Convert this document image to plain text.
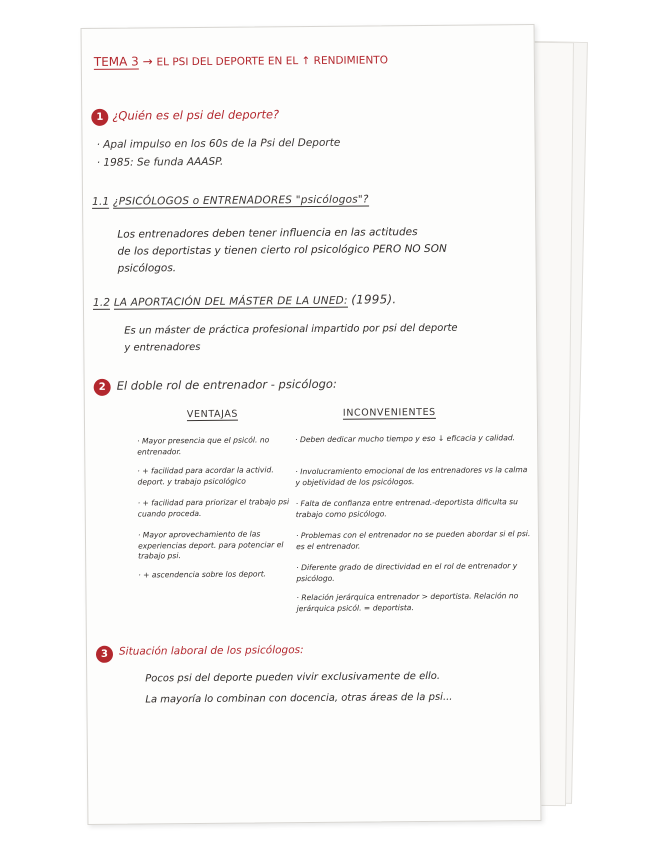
TEMA 3 → EL PSI DEL DEPORTE EN EL ↑ RENDIMIENTO
1 ¿Quién es el psi del deporte?
· Apal impulso en los 60s de la Psi del Deporte
· 1985: Se funda AAASP.
1.1 ¿PSICÓLOGOS o ENTRENADORES "psicólogos"?
Los entrenadores deben tener influencia en las actitudes
de los deportistas y tienen cierto rol psicológico PERO NO SON
psicólogos.
1.2 LA APORTACIÓN DEL MÁSTER DE LA UNED: (1995).
Es un máster de práctica profesional impartido por psi del deporte
y entrenadores
2 El doble rol de entrenador - psicólogo:
VENTAJAS	INCONVENIENTES
· Mayor presencia que el psicól. no entrenador.
· + facilidad para acordar la activid. deport. y trabajo psicológico
· + facilidad para priorizar el trabajo psi cuando proceda.
· Mayor aprovechamiento de las experiencias deport. para potenciar el trabajo psi.
· + ascendencia sobre los deport.
· Deben dedicar mucho tiempo y eso ↓ eficacia y calidad.
· Involucramiento emocional de los entrenadores vs la calma y objetividad de los psicólogos.
· Falta de confianza entre entrenad.-deportista dificulta su trabajo como psicólogo.
· Problemas con el entrenador no se pueden abordar si el psi. es el entrenador.
· Diferente grado de directividad en el rol de entrenador y psicólogo.
· Relación jerárquica entrenador > deportista. Relación no jerárquica psicól. = deportista.
3	Situación laboral de los psicólogos:
Pocos psi del deporte pueden vivir exclusivamente de ello.
La mayoría lo combinan con docencia, otras áreas de la psi...
